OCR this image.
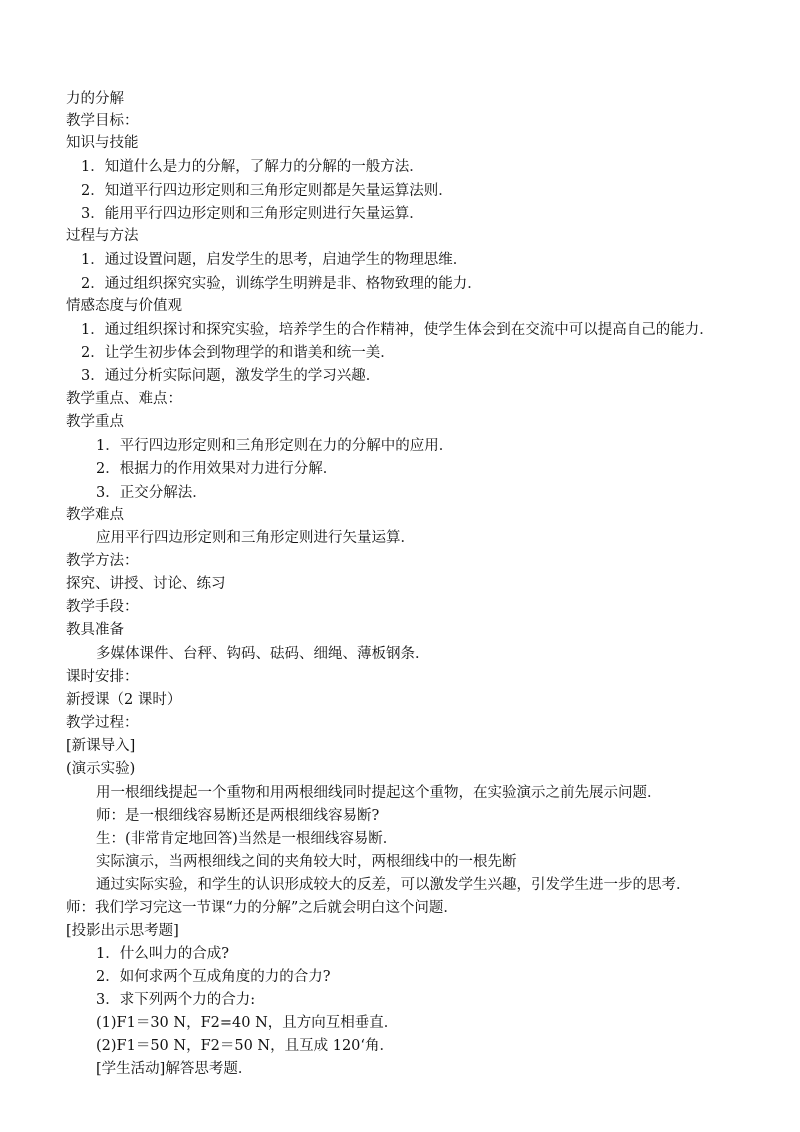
力的分解
教学目标：
知识与技能
1．知道什么是力的分解，了解力的分解的一般方法．
2．知道平行四边形定则和三角形定则都是矢量运算法则．
3．能用平行四边形定则和三角形定则进行矢量运算．
过程与方法
1．通过设置问题，启发学生的思考，启迪学生的物理思维．
2．通过组织探究实验，训练学生明辨是非、格物致理的能力．
情感态度与价值观
1．通过组织探讨和探究实验，培养学生的合作精神，使学生体会到在交流中可以提高自己的能力．
2．让学生初步体会到物理学的和谐美和统一美．
3．通过分析实际问题，激发学生的学习兴趣．
教学重点、难点：
教学重点
1．平行四边形定则和三角形定则在力的分解中的应用．
2．根据力的作用效果对力进行分解．
3．正交分解法．
教学难点
应用平行四边形定则和三角形定则进行矢量运算．
教学方法：
探究、讲授、讨论、练习
教学手段：
教具准备
多媒体课件、台秤、钩码、砝码、细绳、薄板钢条．
课时安排：
新授课（2 课时）
教学过程：
[新课导入]
(演示实验)
用一根细线提起一个重物和用两根细线同时提起这个重物，在实验演示之前先展示问题．
师：是一根细线容易断还是两根细线容易断?
生：(非常肯定地回答)当然是一根细线容易断．
实际演示，当两根细线之间的夹角较大时，两根细线中的一根先断
通过实际实验，和学生的认识形成较大的反差，可以激发学生兴趣，引发学生进一步的思考．
师：我们学习完这一节课“力的分解”之后就会明白这个问题．
[投影出示思考题]
1．什么叫力的合成?
2．如何求两个互成角度的力的合力?
3．求下列两个力的合力:
(1)F1＝30 N，F2=40 N，且方向互相垂直．
(2)F1＝50 N，F2＝50 N，且互成 120‘角．
[学生活动]解答思考题．
